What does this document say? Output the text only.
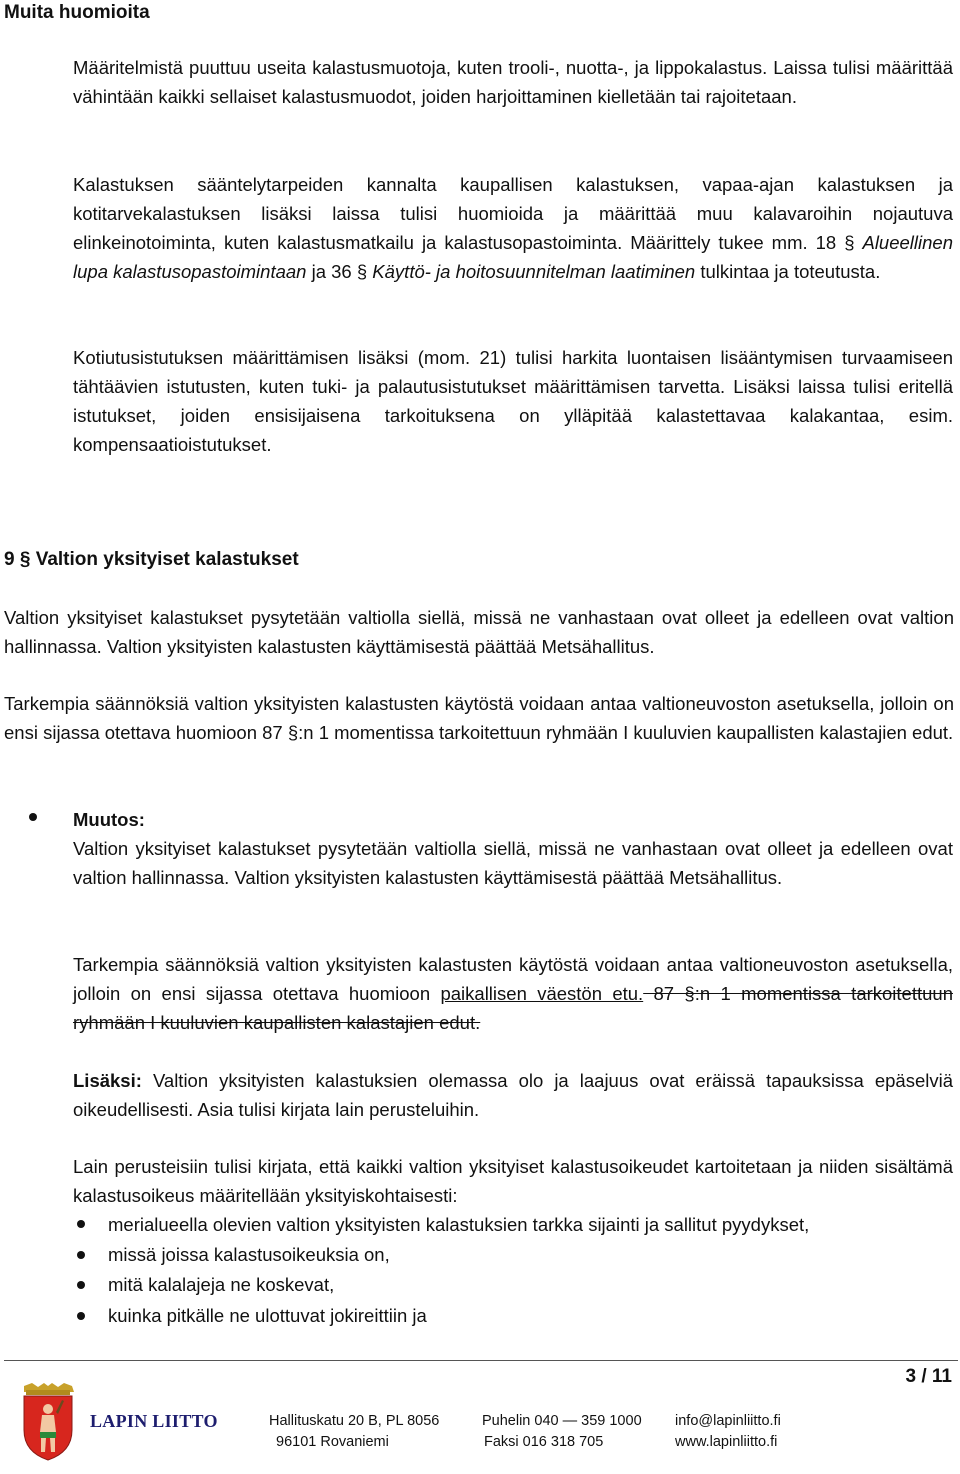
Muita huomioita

Määritelmistä puuttuu useita kalastusmuotoja, kuten trooli-, nuotta-, ja lippokalastus. Laissa tulisi määrittää vähintään kaikki sellaiset kalastusmuodot, joiden harjoittaminen kielletään tai rajoitetaan.

Kalastuksen sääntelytarpeiden kannalta kaupallisen kalastuksen, vapaa-ajan kalastuksen ja kotitarvekalastuksen lisäksi laissa tulisi huomioida ja määrittää muu kalavaroihin nojautuva elinkeinotoiminta, kuten kalastusmatkailu ja kalastusopastoiminta. Määrittely tukee mm. 18 § Alueellinen lupa kalastusopastoimintaan ja 36 § Käyttö- ja hoitosuunnitelman laatiminen tulkintaa ja toteutusta.

Kotiutusistutuksen määrittämisen lisäksi (mom. 21) tulisi harkita luontaisen lisääntymisen turvaamiseen tähtäävien istutusten, kuten tuki- ja palautusistutukset määrittämisen tarvetta. Lisäksi laissa tulisi eritellä istutukset, joiden ensisijaisena tarkoituksena on ylläpitää kalastettavaa kalakantaa, esim. kompensaatioistutukset.

9 § Valtion yksityiset kalastukset

Valtion yksityiset kalastukset pysytetään valtiolla siellä, missä ne vanhastaan ovat olleet ja edelleen ovat valtion hallinnassa. Valtion yksityisten kalastusten käyttämisestä päättää Metsähallitus.

Tarkempia säännöksiä valtion yksityisten kalastusten käytöstä voidaan antaa valtioneuvoston asetuksella, jolloin on ensi sijassa otettava huomioon 87 §:n 1 momentissa tarkoitettuun ryhmään I kuuluvien kaupallisten kalastajien edut.

Muutos:

Valtion yksityiset kalastukset pysytetään valtiolla siellä, missä ne vanhastaan ovat olleet ja edelleen ovat valtion hallinnassa. Valtion yksityisten kalastusten käyttämisestä päättää Metsähallitus.

Tarkempia säännöksiä valtion yksityisten kalastusten käytöstä voidaan antaa valtioneuvoston asetuksella, jolloin on ensi sijassa otettava huomioon paikallisen väestön etu. 87 §:n 1 momentissa tarkoitettuun ryhmään I kuuluvien kaupallisten kalastajien edut.

Lisäksi: Valtion yksityisten kalastuksien olemassa olo ja laajuus ovat eräissä tapauksissa epäselviä oikeudellisesti. Asia tulisi kirjata lain perusteluihin.

Lain perusteisiin tulisi kirjata, että kaikki valtion yksityiset kalastusoikeudet kartoitetaan ja niiden sisältämä kalastusoikeus määritellään yksityiskohtaisesti:

merialueella olevien valtion yksityisten kalastuksien tarkka sijainti ja sallitut pyydykset,
missä joissa kalastusoikeuksia on,
mitä kalalajeja ne koskevat,
kuinka pitkälle ne ulottuvat jokireittiin ja
3 / 11
LAPIN LIITTO	Hallituskatu 20 B, PL 8056
96101 Rovaniemi
Puhelin 040 — 359 1000
Faksi 016 318 705
info@lapinliitto.fi
www.lapinliitto.fi
